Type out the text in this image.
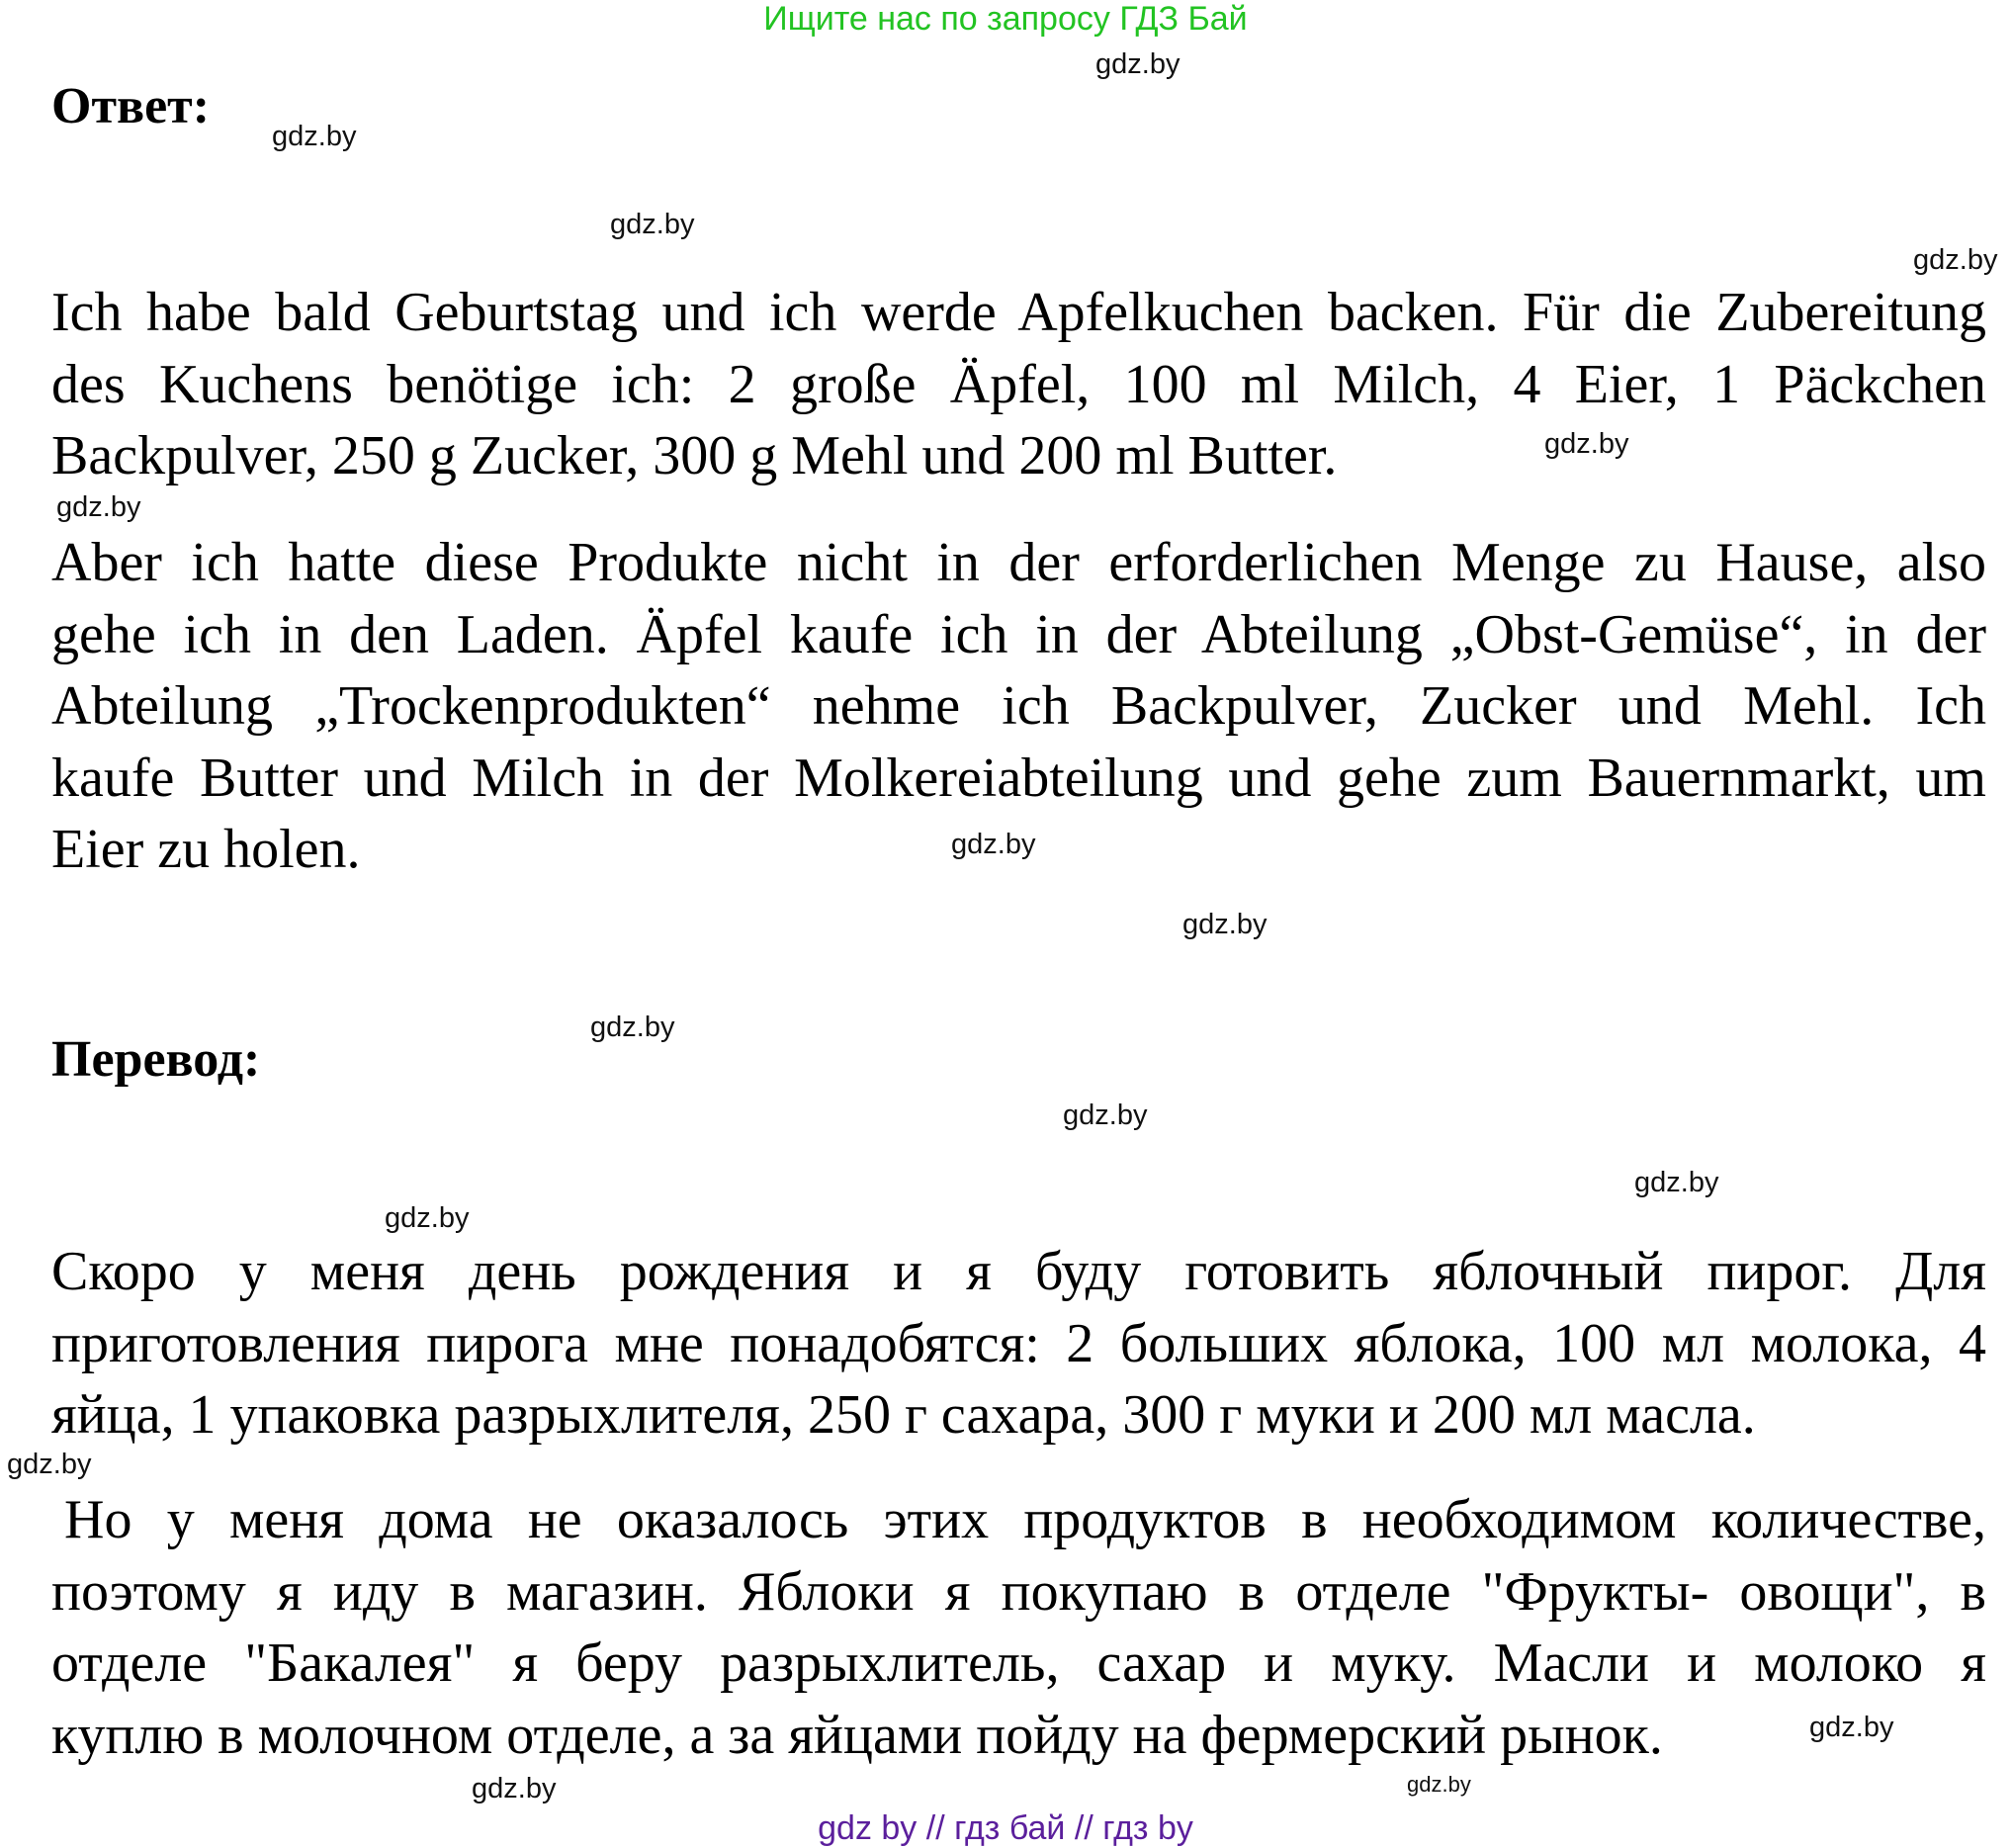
Ищите нас по запросу ГДЗ Бай
Ответ:
Ich habe bald Geburtstag und ich werde Apfelkuchen backen. Für die Zubereitung
des Kuchens benötige ich: 2 große Äpfel, 100 ml Milch, 4 Eier, 1 Päckchen
Backpulver, 250 g Zucker, 300 g Mehl und 200 ml Butter.
Aber ich hatte diese Produkte nicht in der erforderlichen Menge zu Hause, also
gehe ich in den Laden. Äpfel kaufe ich in der Abteilung „Obst-Gemüse“, in der
Abteilung „Trockenprodukten“ nehme ich Backpulver, Zucker und Mehl. Ich
kaufe Butter und Milch in der Molkereiabteilung und gehe zum Bauernmarkt, um
Eier zu holen.
Перевод:
Скоро у меня день рождения и я буду готовить яблочный пирог. Для
приготовления пирога мне понадобятся: 2 больших яблока, 100 мл молока, 4
яйца, 1 упаковка разрыхлителя, 250 г сахара, 300 г муки и 200 мл масла.
Но у меня дома не оказалось этих продуктов в необходимом количестве,
поэтому я иду в магазин. Яблоки я покупаю в отделе "Фрукты- овощи", в
отделе "Бакалея" я беру разрыхлитель, сахар и муку. Масли и молоко я
куплю в молочном отделе, а за яйцами пойду на фермерский рынок.
gdz.by
gdz.by
gdz.by
gdz.by
gdz.by
gdz.by
gdz.by
gdz.by
gdz.by
gdz.by
gdz.by
gdz.by
gdz.by
gdz.by
gdz.by
gdz.by
gdz by // гдз бай // гдз by
